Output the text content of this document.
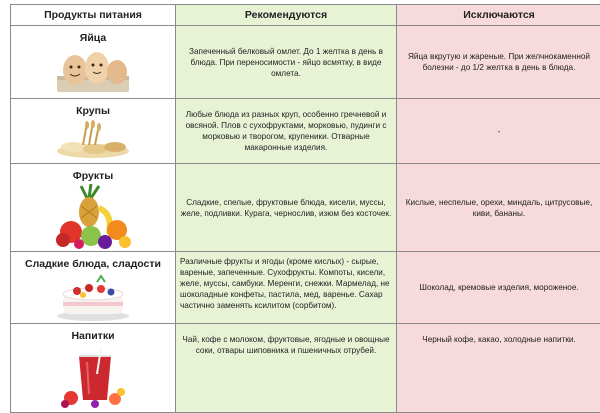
Продукты питания	Рекомендуются	Исключаются

Яйца	Запеченный белковый омлет. До 1 желтка в день в блюда. При переносимости - яйцо всмятку, в виде омлета.	Яйца вкрутую и жареные. При желчнокаменной болезни - до 1/2 желтка в день в блюда.

Крупы	Любые блюда из разных круп, особенно гречневой и овсяной. Плов с сухофруктами, морковью, пудинги с морковью и творогом, крупеники. Отварные макаронные изделия.	-

Фрукты	Сладкие, спелые, фруктовые блюда, кисели, муссы, желе, подливки. Курага, чернослив, изюм без косточек.	Кислые, неспелые, орехи, миндаль, цитрусовые, киви, бананы.

Сладкие блюда, сладости	Различные фрукты и ягоды (кроме кислых) - сырые, вареные, запеченные. Сухофрукты. Компоты, кисели, желе, муссы, самбуки. Меренги, снежки. Мармелад, не шоколадные конфеты, пастила, мед, варенье. Сахар частично заменять ксилитом (сорбитом).	Шоколад, кремовые изделия, мороженое.

Напитки	Чай, кофе с молоком, фруктовые, ягодные и овощные соки, отвары шиповника и пшеничных отрубей.	Черный кофе, какао, холодные напитки.
